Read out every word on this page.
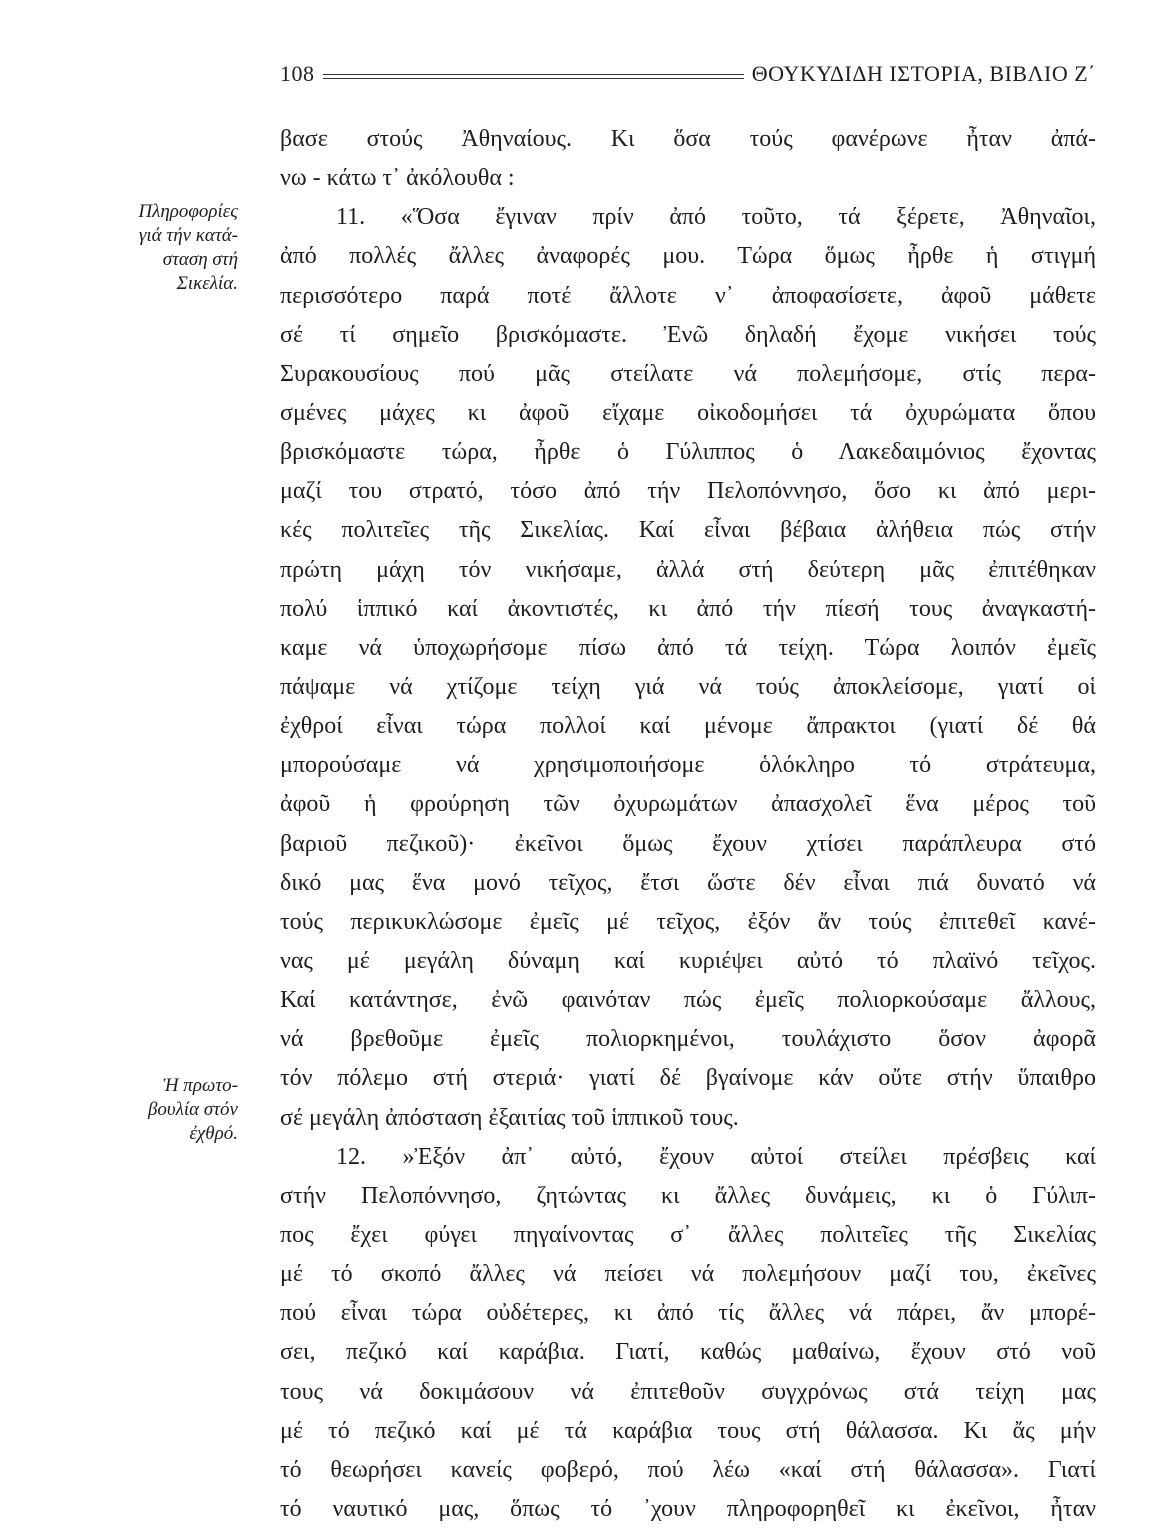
108	ΘΟΥΚΥΔΙΔΗ ΙΣΤΟΡΙΑ, ΒΙΒΛΙΟ Ζ΄
Πληροφορίες
γιά τήν κατά-
σταση στή
Σικελία.
Ἡ πρωτο-
βουλία στόν
ἐχθρό.
βασε στούς Ἀθηναίους. Κι ὅσα τούς φανέρωνε ἦταν ἀπά-
νω - κάτω τ᾿ ἀκόλουθα :
11. «Ὅσα ἔγιναν πρίν ἀπό τοῦτο, τά ξέρετε, Ἀθηναῖοι,
ἀπό πολλές ἄλλες ἀναφορές μου. Τώρα ὅμως ἦρθε ἡ στιγμή
περισσότερο παρά ποτέ ἄλλοτε ν᾿ ἀποφασίσετε, ἀφοῦ μάθετε
σέ τί σημεῖο βρισκόμαστε. Ἐνῶ δηλαδή ἔχομε νικήσει τούς
Συρακουσίους πού μᾶς στείλατε νά πολεμήσομε, στίς περα-
σμένες μάχες κι ἀφοῦ εἴχαμε οἰκοδομήσει τά ὀχυρώματα ὅπου
βρισκόμαστε τώρα, ἦρθε ὁ Γύλιππος ὁ Λακεδαιμόνιος ἔχοντας
μαζί του στρατό, τόσο ἀπό τήν Πελοπόννησο, ὅσο κι ἀπό μερι-
κές πολιτεῖες τῆς Σικελίας. Καί εἶναι βέβαια ἀλήθεια πώς στήν
πρώτη μάχη τόν νικήσαμε, ἀλλά στή δεύτερη μᾶς ἐπιτέθηκαν
πολύ ἱππικό καί ἀκοντιστές, κι ἀπό τήν πίεσή τους ἀναγκαστή-
καμε νά ὑποχωρήσομε πίσω ἀπό τά τείχη. Τώρα λοιπόν ἐμεῖς
πάψαμε νά χτίζομε τείχη γιά νά τούς ἀποκλείσομε, γιατί οἱ
ἐχθροί εἶναι τώρα πολλοί καί μένομε ἄπρακτοι (γιατί δέ θά
μπορούσαμε νά χρησιμοποιήσομε ὁλόκληρο τό στράτευμα,
ἀφοῦ ἡ φρούρηση τῶν ὀχυρωμάτων ἀπασχολεῖ ἕνα μέρος τοῦ
βαριοῦ πεζικοῦ)· ἐκεῖνοι ὅμως ἔχουν χτίσει παράπλευρα στό
δικό μας ἕνα μονό τεῖχος, ἔτσι ὥστε δέν εἶναι πιά δυνατό νά
τούς περικυκλώσομε ἐμεῖς μέ τεῖχος, ἐξόν ἄν τούς ἐπιτεθεῖ κανέ-
νας μέ μεγάλη δύναμη καί κυριέψει αὐτό τό πλαϊνό τεῖχος.
Καί κατάντησε, ἐνῶ φαινόταν πώς ἐμεῖς πολιορκούσαμε ἄλλους,
νά βρεθοῦμε ἐμεῖς πολιορκημένοι, τουλάχιστο ὅσον ἀφορᾶ
τόν πόλεμο στή στεριά· γιατί δέ βγαίνομε κάν οὔτε στήν ὕπαιθρο
σέ μεγάλη ἀπόσταση ἐξαιτίας τοῦ ἱππικοῦ τους.
12. »Ἐξόν ἀπ᾿ αὐτό, ἔχουν αὐτοί στείλει πρέσβεις καί
στήν Πελοπόννησο, ζητώντας κι ἄλλες δυνάμεις, κι ὁ Γύλιπ-
πος ἔχει φύγει πηγαίνοντας σ᾿ ἄλλες πολιτεῖες τῆς Σικελίας
μέ τό σκοπό ἄλλες νά πείσει νά πολεμήσουν μαζί του, ἐκεῖνες
πού εἶναι τώρα οὐδέτερες, κι ἀπό τίς ἄλλες νά πάρει, ἄν μπορέ-
σει, πεζικό καί καράβια. Γιατί, καθώς μαθαίνω, ἔχουν στό νοῦ
τους νά δοκιμάσουν νά ἐπιτεθοῦν συγχρόνως στά τείχη μας
μέ τό πεζικό καί μέ τά καράβια τους στή θάλασσα. Κι ἄς μήν
τό θεωρήσει κανείς φοβερό, πού λέω «καί στή θάλασσα». Γιατί
τό ναυτικό μας, ὅπως τό ᾿χουν πληροφορηθεῖ κι ἐκεῖνοι, ἦταν
